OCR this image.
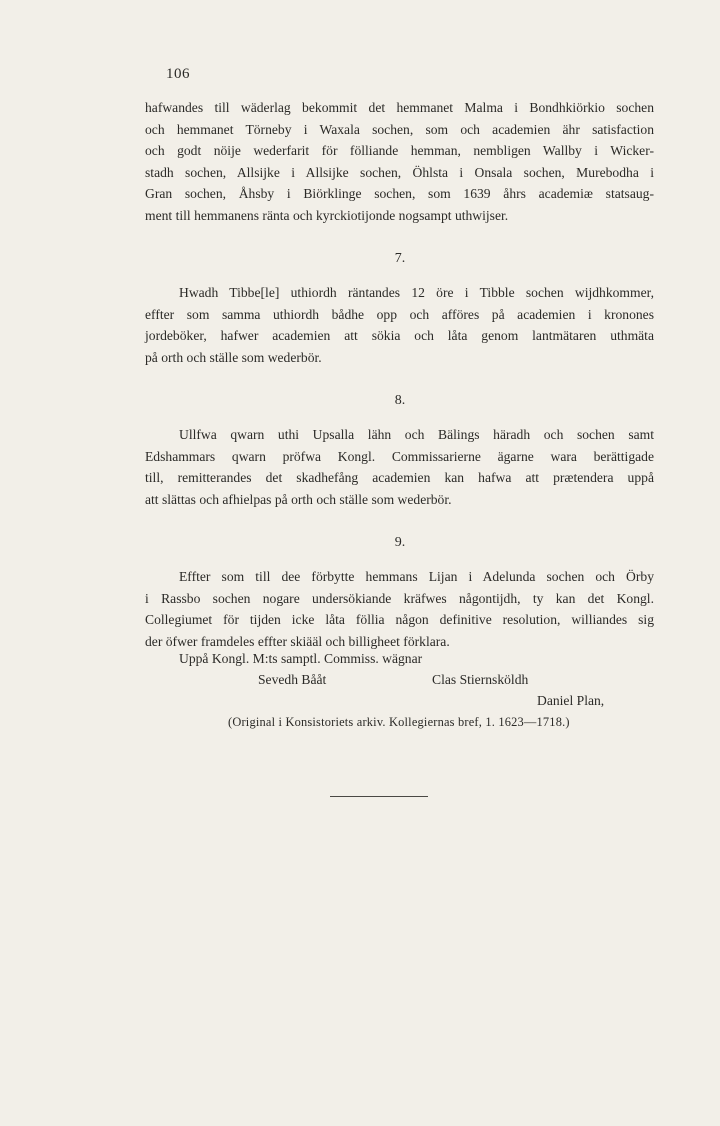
106
hafwandes till wäderlag bekommit det hemmanet Malma i Bondhkiörkio sochen
och hemmanet Törneby i Waxala sochen, som och academien ähr satisfaction
och godt nöije wederfarit för fölliande hemman, nembligen Wallby i Wicker-
stadh sochen, Allsijke i Allsijke sochen, Öhlsta i Onsala sochen, Murebodha i
Gran sochen, Åhsby i Biörklinge sochen, som 1639 åhrs academiæ statsaug-
ment till hemmanens ränta och kyrckiotijonde nogsampt uthwijser.
7.
Hwadh Tibbe[le] uthiordh räntandes 12 öre i Tibble sochen wijdhkommer,
effter som samma uthiordh bådhe opp och afföres på academien i kronones
jordeböker, hafwer academien att sökia och låta genom lantmätaren uthmäta
på orth och ställe som wederbör.
8.
Ullfwa qwarn uthi Upsalla lähn och Bälings häradh och sochen samt
Edshammars qwarn pröfwa Kongl. Commissarierne ägarne wara berättigade
till, remitterandes det skadhefång academien kan hafwa att prætendera uppå
att slättas och afhielpas på orth och ställe som wederbör.
9.
Effter som till dee förbytte hemmans Lijan i Adelunda sochen och Örby
i Rassbo sochen nogare undersökiande kräfwes någontijdh, ty kan det Kongl.
Collegiumet för tijden icke låta föllia någon definitive resolution, williandes sig
der öfwer framdeles effter skiääl och billigheet förklara.
Uppå Kongl. M:ts samptl. Commiss. wägnar
Sevedh Bååt	Clas Stiernsköldh
Daniel Plan,
(Original i Konsistoriets arkiv. Kollegiernas bref, 1. 1623—1718.)
